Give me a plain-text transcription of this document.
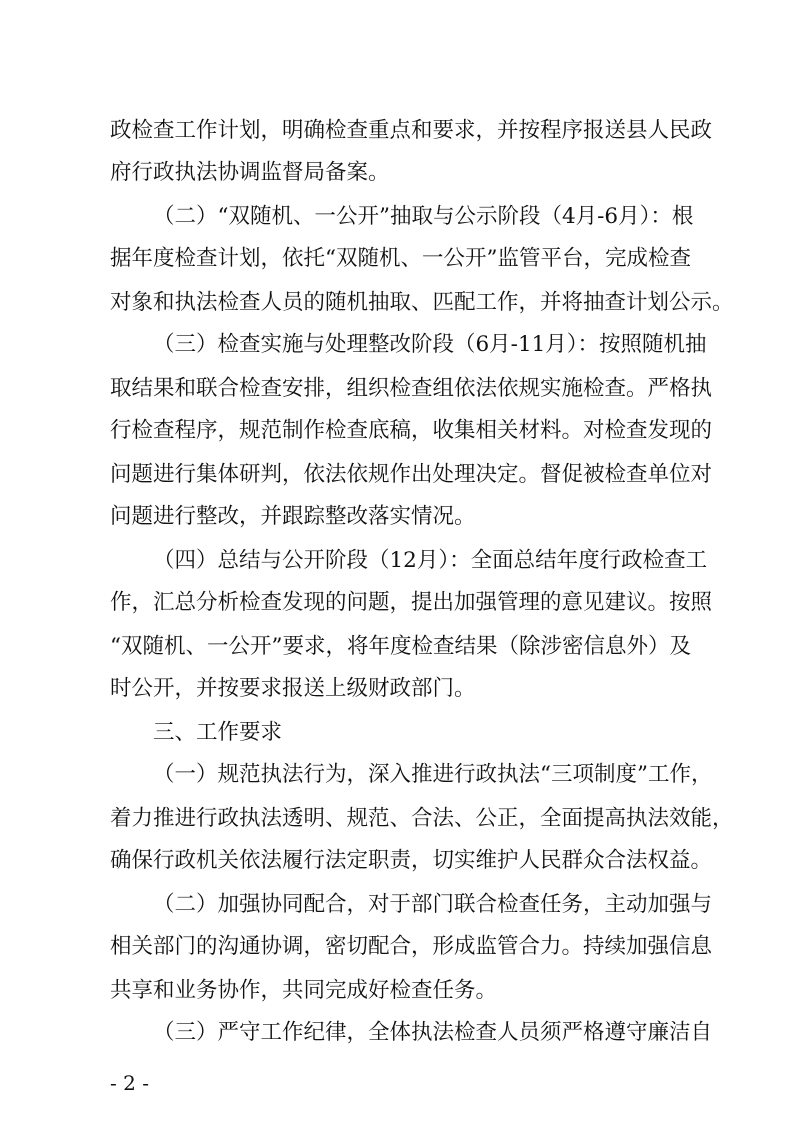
政检查工作计划，明确检查重点和要求，并按程序报送县人民政
府行政执法协调监督局备案。
（二）“双随机、一公开”抽取与公示阶段（4月-6月）：根
据年度检查计划，依托“双随机、一公开”监管平台，完成检查
对象和执法检查人员的随机抽取、匹配工作，并将抽查计划公示。
（三）检查实施与处理整改阶段（6月-11月）：按照随机抽
取结果和联合检查安排，组织检查组依法依规实施检查。严格执
行检查程序，规范制作检查底稿，收集相关材料。对检查发现的
问题进行集体研判，依法依规作出处理决定。督促被检查单位对
问题进行整改，并跟踪整改落实情况。
（四）总结与公开阶段（12月）：全面总结年度行政检查工
作，汇总分析检查发现的问题，提出加强管理的意见建议。按照
“双随机、一公开”要求，将年度检查结果（除涉密信息外）及
时公开，并按要求报送上级财政部门。
三、工作要求
（一）规范执法行为，深入推进行政执法“三项制度”工作，
着力推进行政执法透明、规范、合法、公正，全面提高执法效能，
确保行政机关依法履行法定职责，切实维护人民群众合法权益。
（二）加强协同配合，对于部门联合检查任务，主动加强与
相关部门的沟通协调，密切配合，形成监管合力。持续加强信息
共享和业务协作，共同完成好检查任务。
（三）严守工作纪律，全体执法检查人员须严格遵守廉洁自
- 2 -
